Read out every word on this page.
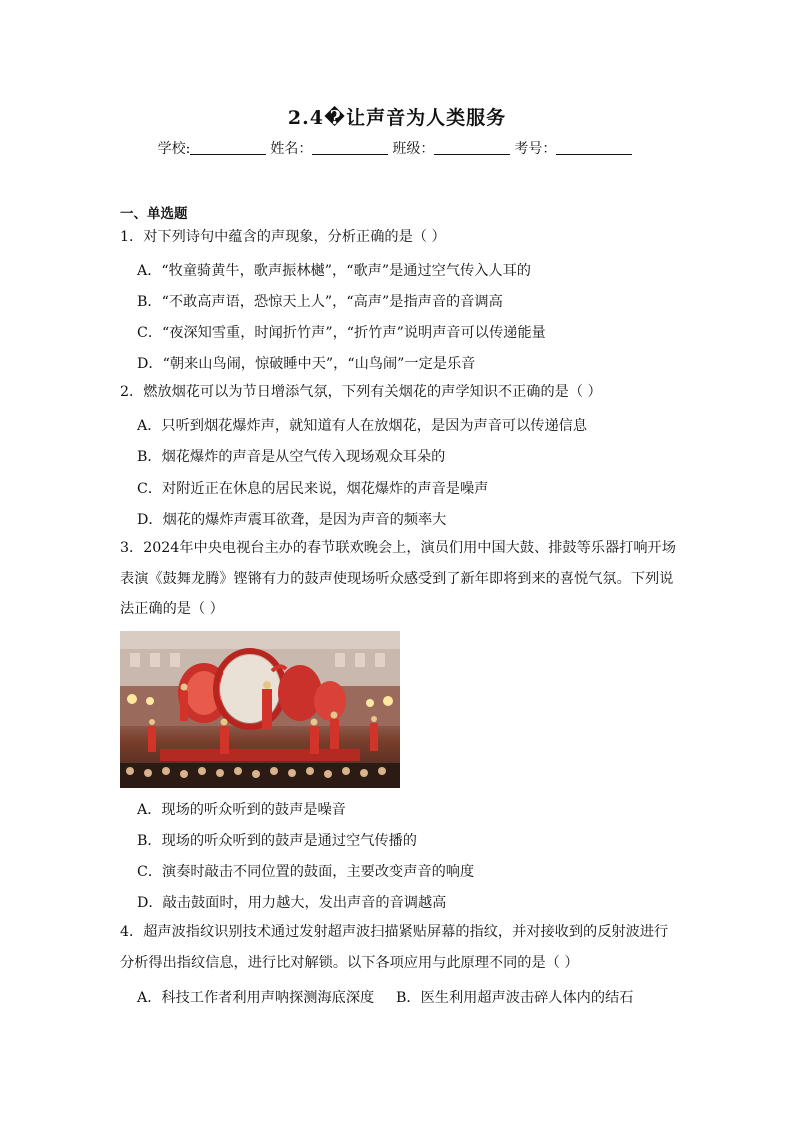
2.4�让声音为人类服务
学校:	姓名：	班级：	考号：
一、单选题
1．对下列诗句中蕴含的声现象，分析正确的是（ ）
A．“牧童骑黄牛，歌声振林樾”，“歌声”是通过空气传入人耳的
B．“不敢高声语，恐惊天上人”，“高声”是指声音的音调高
C．“夜深知雪重，时闻折竹声”，“折竹声”说明声音可以传递能量
D．“朝来山鸟闹，惊破睡中天”，“山鸟闹”一定是乐音
2．燃放烟花可以为节日增添气氛，下列有关烟花的声学知识不正确的是（ ）
A．只听到烟花爆炸声，就知道有人在放烟花，是因为声音可以传递信息
B．烟花爆炸的声音是从空气传入现场观众耳朵的
C．对附近正在休息的居民来说，烟花爆炸的声音是噪声
D．烟花的爆炸声震耳欲聋，是因为声音的频率大
3．2024年中央电视台主办的春节联欢晚会上，演员们用中国大鼓、排鼓等乐器打响开场表演《鼓舞龙腾》铿锵有力的鼓声使现场听众感受到了新年即将到来的喜悦气氛。下列说法正确的是（ ）
A．现场的听众听到的鼓声是噪音
B．现场的听众听到的鼓声是通过空气传播的
C．演奏时敲击不同位置的鼓面，主要改变声音的响度
D．敲击鼓面时，用力越大，发出声音的音调越高
4．超声波指纹识别技术通过发射超声波扫描紧贴屏幕的指纹，并对接收到的反射波进行分析得出指纹信息，进行比对解锁。以下各项应用与此原理不同的是（ ）
A．科技工作者利用声呐探测海底深度 B．医生利用超声波击碎人体内的结石
